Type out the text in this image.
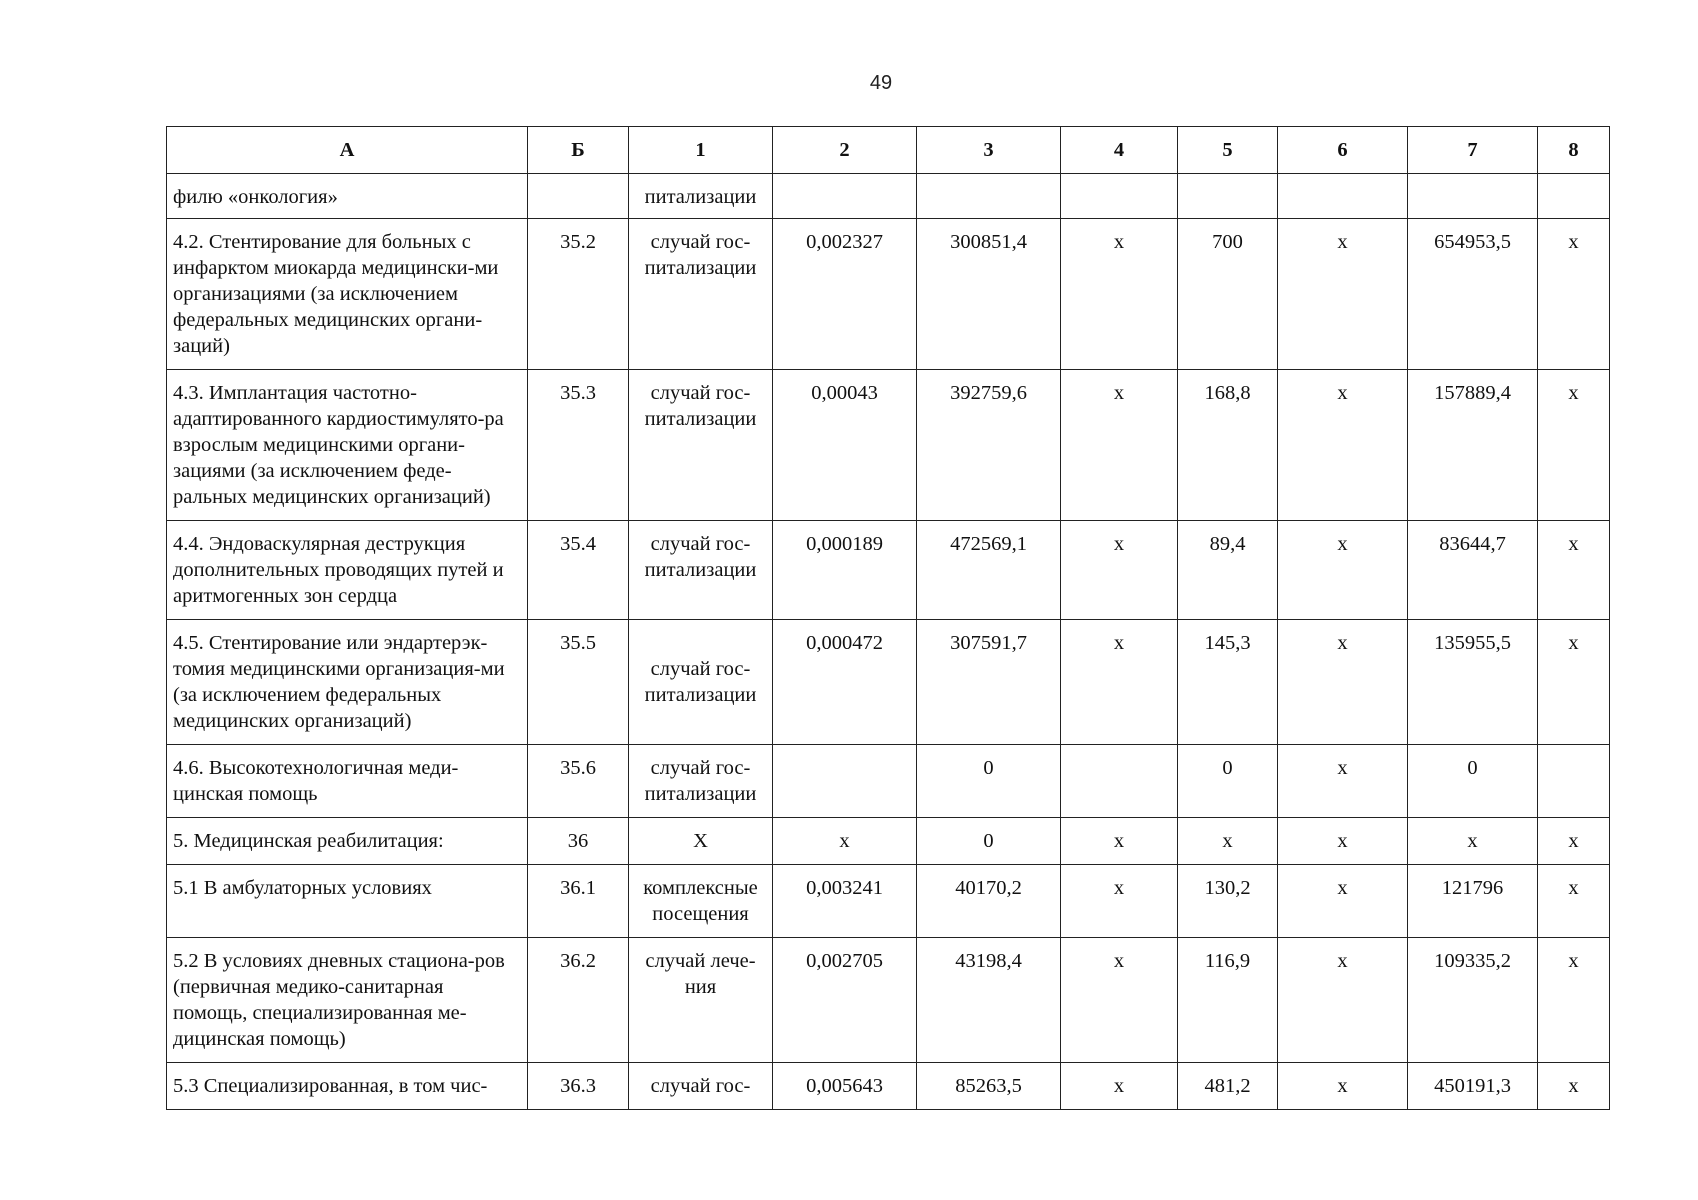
49
А	Б	1	2	3	4	5	6	7	8
филю «онкология»		питализации							
4.2. Стентирование для больных с инфарктом миокарда медицински-ми организациями (за исключением федеральных медицинских органи-заций)	35.2	случай гос-питализации	0,002327	300851,4	х	700	х	654953,5	х
4.3. Имплантация частотно-адаптированного кардиостимулято-ра взрослым медицинскими органи-зациями (за исключением феде-ральных медицинских организаций)	35.3	случай гос-питализации	0,00043	392759,6	х	168,8	х	157889,4	х
4.4. Эндоваскулярная деструкция дополнительных проводящих путей и аритмогенных зон сердца	35.4	случай гос-питализации	0,000189	472569,1	х	89,4	х	83644,7	х
4.5. Стентирование или эндартерэк-томия медицинскими организация-ми (за исключением федеральных медицинских организаций)	35.5	случай гос-питализации	0,000472	307591,7	х	145,3	х	135955,5	х
4.6. Высокотехнологичная меди-цинская помощь	35.6	случай гос-питализации		0		0	х	0	
5. Медицинская реабилитация:	36	Х	х	0	х	х	х	х	х
5.1 В амбулаторных условиях	36.1	комплексные посещения	0,003241	40170,2	х	130,2	х	121796	х
5.2 В условиях дневных стациона-ров (первичная медико-санитарная помощь, специализированная ме-дицинская помощь)	36.2	случай лече-ния	0,002705	43198,4	х	116,9	х	109335,2	х
5.3 Специализированная, в том чис-	36.3	случай гос-	0,005643	85263,5	х	481,2	х	450191,3	х
